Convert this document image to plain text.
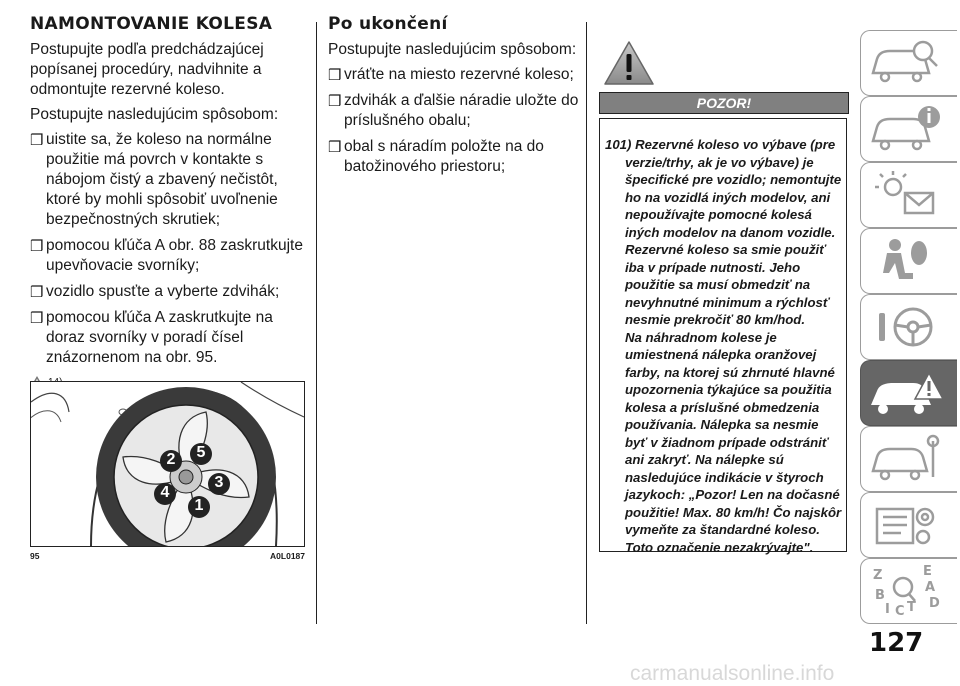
NAMONTOVANIE KOLESA

Postupujte podľa predchádzajúcej popísanej procedúry, nadvihnite a odmontujte rezervné koleso.

Postupujte nasledujúcim spôsobom:

❒ uistite sa, že koleso na normálne použitie má povrch v kontakte s nábojom čistý a zbavený nečistôt, ktoré by mohli spôsobiť uvoľnenie bezpečnostných skrutiek;
❒ pomocou kľúča A obr. 88 zaskrutkujte upevňovacie svorníky;
❒ vozidlo spusťte a vyberte zdvihák;
❒ pomocou kľúča A zaskrutkujte na doraz svorníky v poradí čísel znázornenom na obr. 95.
1
2
3
4
5
95	A0L0187
Po ukončení

Postupujte nasledujúcim spôsobom:

❒ vráťte na miesto rezervné koleso;
❒ zdvihák a ďalšie náradie uložte do príslušného obalu;
❒ obal s náradím položte na do batožinového priestoru;
POZOR!

101) Rezervné koleso vo výbave (pre verzie/trhy, ak je vo výbave) je špecifické pre vozidlo; nemontujte ho na vozidlá iných modelov, ani nepoužívajte pomocné kolesá iných modelov na danom vozidle. Rezervné koleso sa smie použiť iba v prípade nutnosti. Jeho použitie sa musí obmedziť na nevyhnutné minimum a rýchlosť nesmie prekročiť 80 km/hod.

Na náhradnom kolese je umiestnená nálepka oranžovej farby, na ktorej sú zhrnuté hlavné upozornenia týkajúce sa použitia kolesa a príslušné obmedzenia používania. Nálepka sa nesmie byť v žiadnom prípade odstrániť ani zakryť. Na nálepke sú nasledujúce indikácie v štyroch jazykoch: „Pozor! Len na dočasné použitie! Max. 80 km/h! Čo najskôr vymeňte za štandardné koleso. Toto označenie nezakrývajte".

Z	E
A
B
I C T D
127
carmanualsonline.info
